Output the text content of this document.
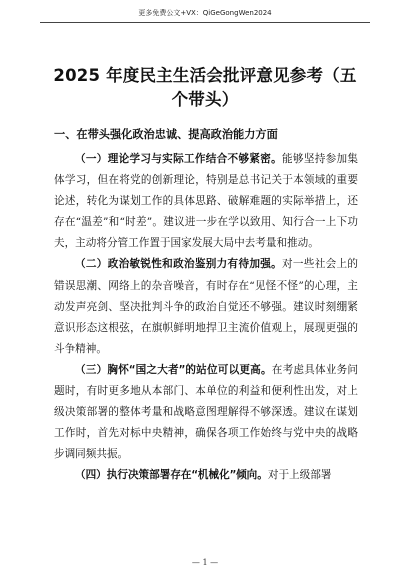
更多免费公文+VX：QiGeGongWen2024
2025 年度民主生活会批评意见参考（五个带头）
一、在带头强化政治忠诚、提高政治能力方面

（一）理论学习与实际工作结合不够紧密。能够坚持参加集体学习，但在将党的创新理论，特别是总书记关于本领域的重要论述，转化为谋划工作的具体思路、破解难题的实际举措上，还存在“温差”和“时差”。建议进一步在学以致用、知行合一上下功夫，主动将分管工作置于国家发展大局中去考量和推动。

（二）政治敏锐性和政治鉴别力有待加强。对一些社会上的错误思潮、网络上的杂音噪音，有时存在“见怪不怪”的心理，主动发声亮剑、坚决批判斗争的政治自觉还不够强。建议时刻绷紧意识形态这根弦，在旗帜鲜明地捍卫主流价值观上，展现更强的斗争精神。

（三）胸怀“国之大者”的站位可以更高。在考虑具体业务问题时，有时更多地从本部门、本单位的利益和便利性出发，对上级决策部署的整体考量和战略意图理解得不够深透。建议在谋划工作时，首先对标中央精神，确保各项工作始终与党中央的战略步调同频共振。

（四）执行决策部署存在“机械化”倾向。对于上级部署

— 1 —
